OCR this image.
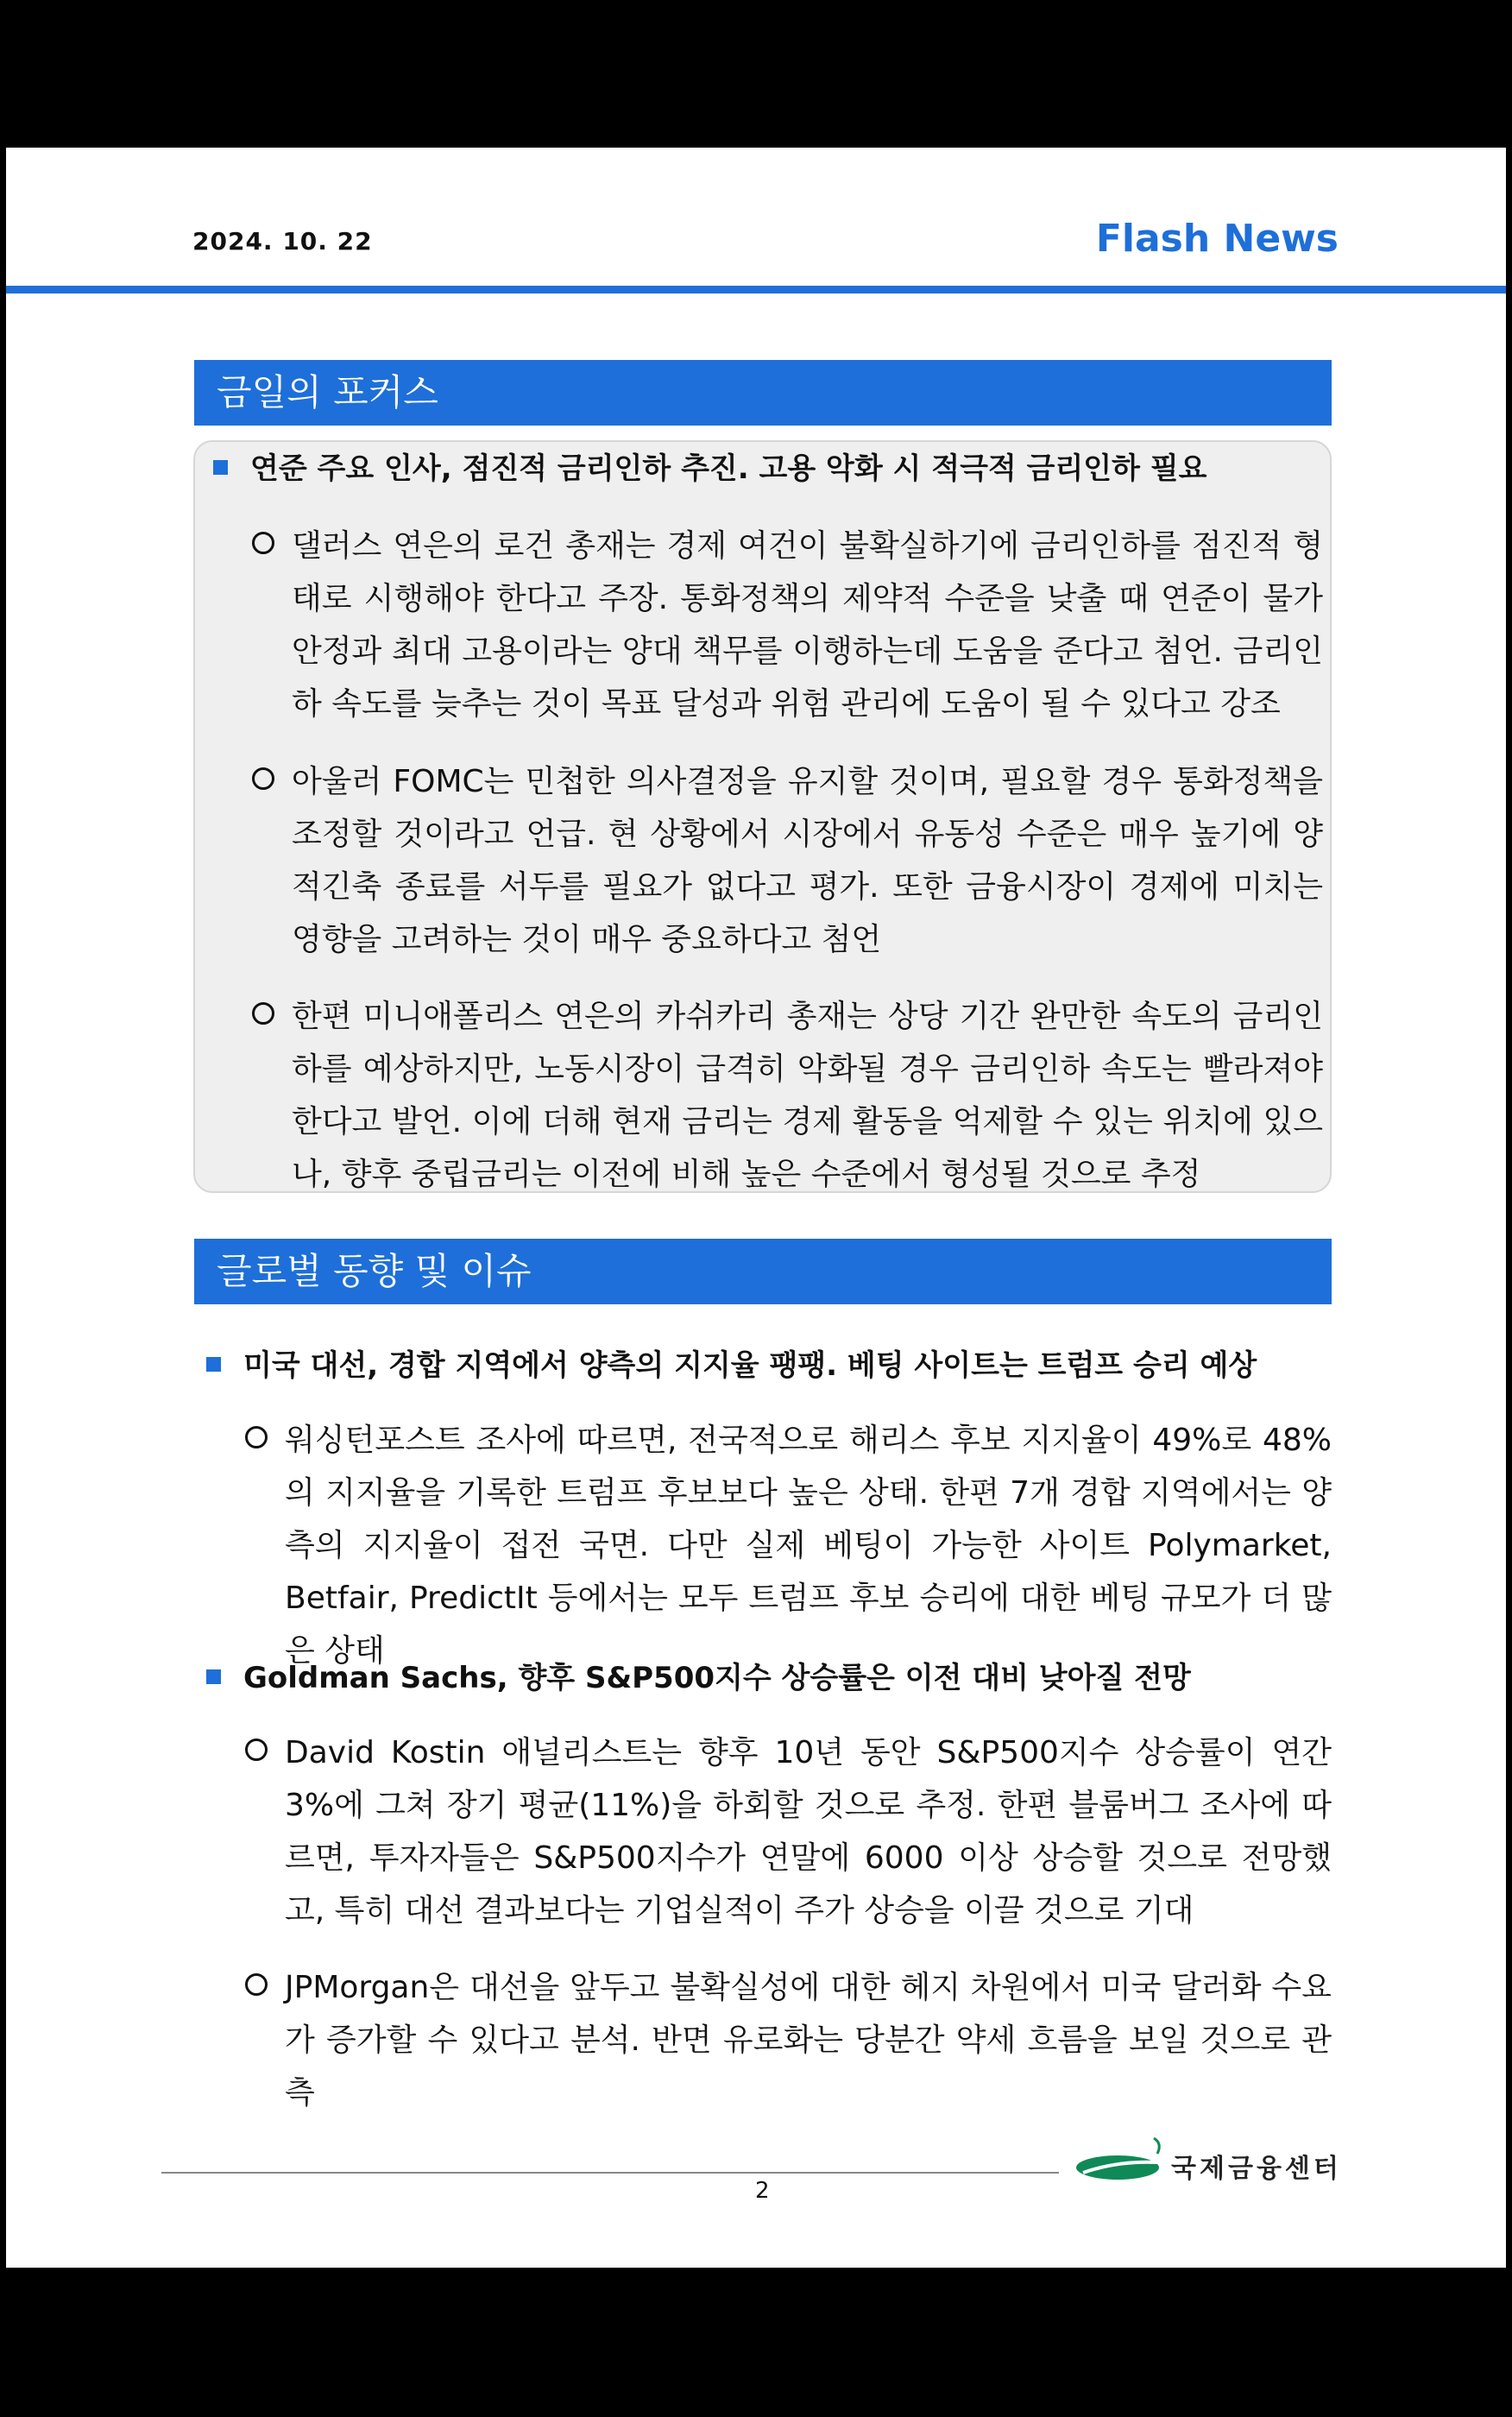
2024. 10. 22	Flash News
금일의 포커스
연준 주요 인사, 점진적 금리인하 추진. 고용 악화 시 적극적 금리인하 필요
댈러스 연은의 로건 총재는 경제 여건이 불확실하기에 금리인하를 점진적 형태로 시행해야 한다고 주장. 통화정책의 제약적 수준을 낮출 때 연준이 물가 안정과 최대 고용이라는 양대 책무를 이행하는데 도움을 준다고 첨언. 금리인하 속도를 늦추는 것이 목표 달성과 위험 관리에 도움이 될 수 있다고 강조
아울러 FOMC는 민첩한 의사결정을 유지할 것이며, 필요할 경우 통화정책을 조정할 것이라고 언급. 현 상황에서 시장에서 유동성 수준은 매우 높기에 양적긴축 종료를 서두를 필요가 없다고 평가. 또한 금융시장이 경제에 미치는 영향을 고려하는 것이 매우 중요하다고 첨언
한편 미니애폴리스 연은의 카쉬카리 총재는 상당 기간 완만한 속도의 금리인하를 예상하지만, 노동시장이 급격히 악화될 경우 금리인하 속도는 빨라져야 한다고 발언. 이에 더해 현재 금리는 경제 활동을 억제할 수 있는 위치에 있으나, 향후 중립금리는 이전에 비해 높은 수준에서 형성될 것으로 추정
글로벌 동향 및 이슈
미국 대선, 경합 지역에서 양측의 지지율 팽팽. 베팅 사이트는 트럼프 승리 예상
워싱턴포스트 조사에 따르면, 전국적으로 해리스 후보 지지율이 49%로 48%의 지지율을 기록한 트럼프 후보보다 높은 상태. 한편 7개 경합 지역에서는 양측의 지지율이 접전 국면. 다만 실제 베팅이 가능한 사이트 Polymarket, Betfair, PredictIt 등에서는 모두 트럼프 후보 승리에 대한 베팅 규모가 더 많은 상태
Goldman Sachs, 향후 S&P500지수 상승률은 이전 대비 낮아질 전망
David Kostin 애널리스트는 향후 10년 동안 S&P500지수 상승률이 연간 3%에 그쳐 장기 평균(11%)을 하회할 것으로 추정. 한편 블룸버그 조사에 따르면, 투자자들은 S&P500지수가 연말에 6000 이상 상승할 것으로 전망했고, 특히 대선 결과보다는 기업실적이 주가 상승을 이끌 것으로 기대
JPMorgan은 대선을 앞두고 불확실성에 대한 헤지 차원에서 미국 달러화 수요가 증가할 수 있다고 분석. 반면 유로화는 당분간 약세 흐름을 보일 것으로 관측
2
국제금융센터
